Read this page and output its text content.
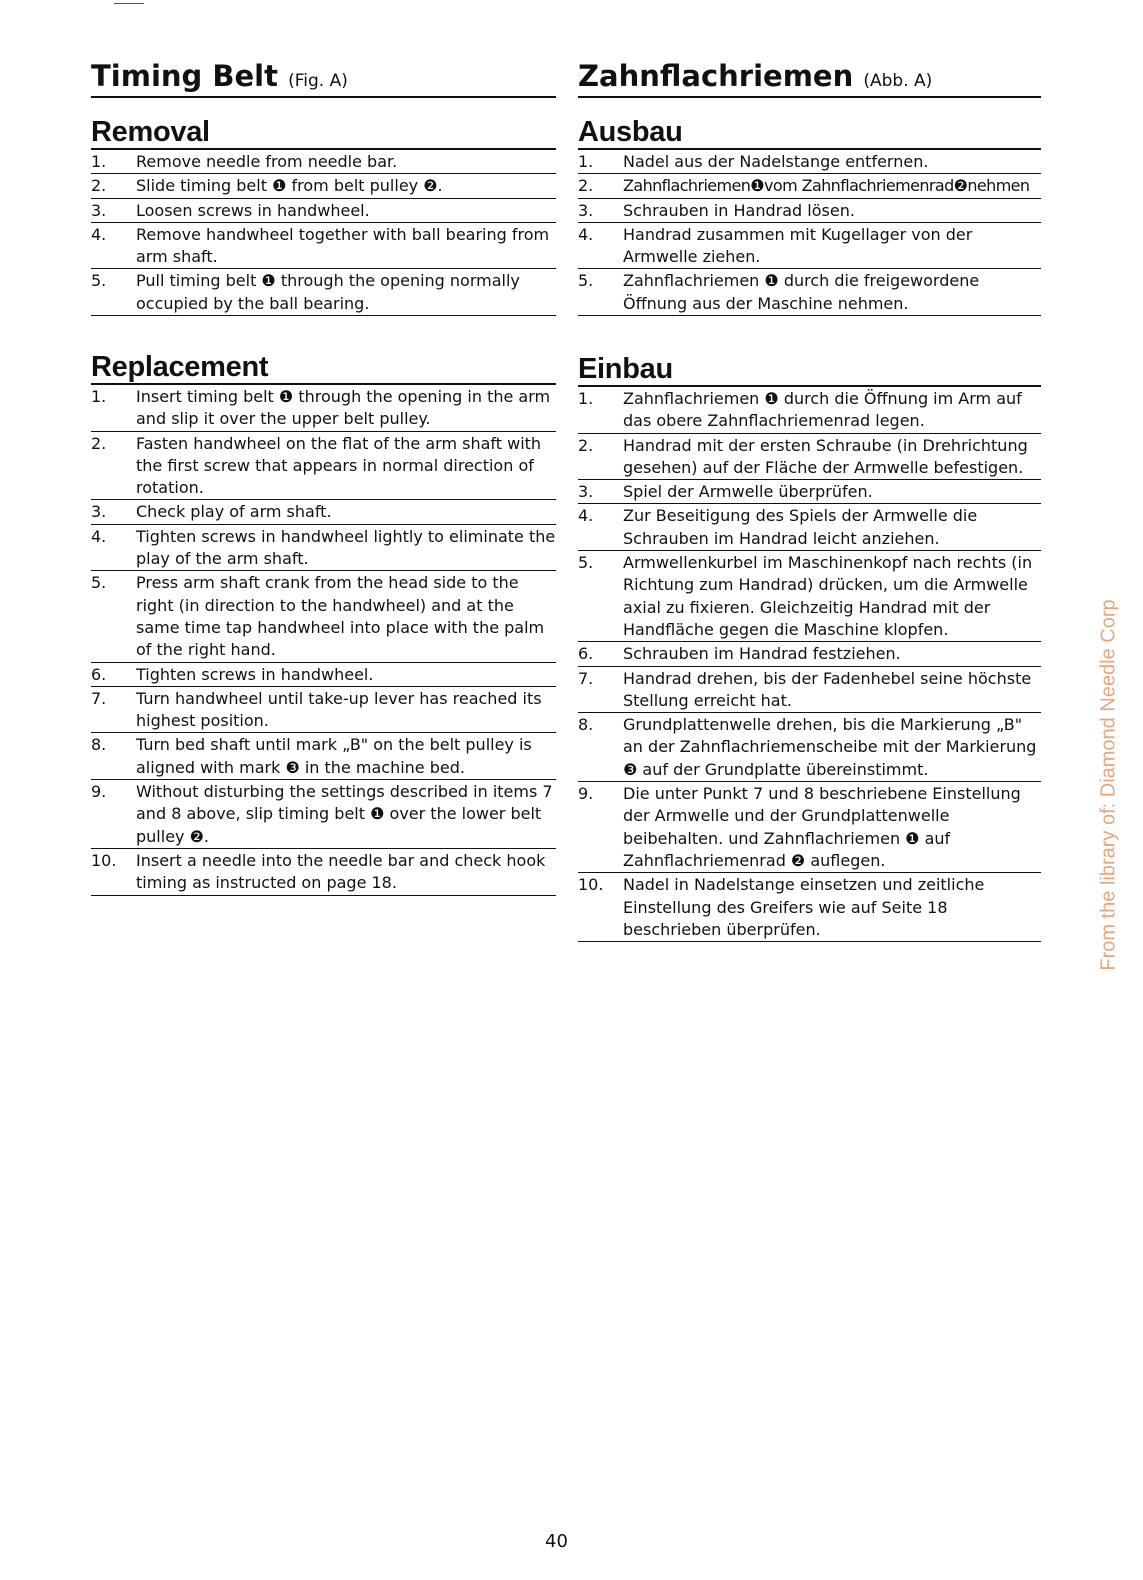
Timing Belt (Fig. A)
Removal
1.	Remove needle from needle bar.
2.	Slide timing belt ❶ from belt pulley ❷.
3.	Loosen screws in handwheel.
4.	Remove handwheel together with ball bearing from arm shaft.
5.	Pull timing belt ❶ through the opening normally occupied by the ball bearing.
Replacement
1.	Insert timing belt ❶ through the opening in the arm and slip it over the upper belt pulley.
2.	Fasten handwheel on the flat of the arm shaft with the first screw that appears in normal direction of rotation.
3.	Check play of arm shaft.
4.	Tighten screws in handwheel lightly to eliminate the play of the arm shaft.
5.	Press arm shaft crank from the head side to the right (in direction to the handwheel) and at the same time tap handwheel into place with the palm of the right hand.
6.	Tighten screws in handwheel.
7.	Turn handwheel until take-up lever has reached its highest position.
8.	Turn bed shaft until mark „B" on the belt pulley is aligned with mark ❸ in the machine bed.
9.	Without disturbing the settings described in items 7 and 8 above, slip timing belt ❶ over the lower belt pulley ❷.
10.	Insert a needle into the needle bar and check hook timing as instructed on page 18.
Zahnflachriemen (Abb. A)
Ausbau
1.	Nadel aus der Nadelstange entfernen.
2.	Zahnflachriemen❶vom Zahnflachriemenrad❷nehmen
3.	Schrauben in Handrad lösen.
4.	Handrad zusammen mit Kugellager von der Armwelle ziehen.
5.	Zahnflachriemen ❶ durch die freigewordene Öffnung aus der Maschine nehmen.
Einbau
1.	Zahnflachriemen ❶ durch die Öffnung im Arm auf das obere Zahnflachriemenrad legen.
2.	Handrad mit der ersten Schraube (in Drehrichtung gesehen) auf der Fläche der Armwelle befestigen.
3.	Spiel der Armwelle überprüfen.
4.	Zur Beseitigung des Spiels der Armwelle die Schrauben im Handrad leicht anziehen.
5.	Armwellenkurbel im Maschinenkopf nach rechts (in Richtung zum Handrad) drücken, um die Armwelle axial zu fixieren. Gleichzeitig Handrad mit der Handfläche gegen die Maschine klopfen.
6.	Schrauben im Handrad festziehen.
7.	Handrad drehen, bis der Fadenhebel seine höchste Stellung erreicht hat.
8.	Grundplattenwelle drehen, bis die Markierung „B" an der Zahnflachriemenscheibe mit der Markierung ❸ auf der Grundplatte übereinstimmt.
9.	Die unter Punkt 7 und 8 beschriebene Einstellung der Armwelle und der Grundplattenwelle beibehalten. und Zahnflachriemen ❶ auf Zahnflachriemenrad ❷ auflegen.
10.	Nadel in Nadelstange einsetzen und zeitliche Einstellung des Greifers wie auf Seite 18 beschrieben überprüfen.
40
From the library of: Diamond Needle Corp
